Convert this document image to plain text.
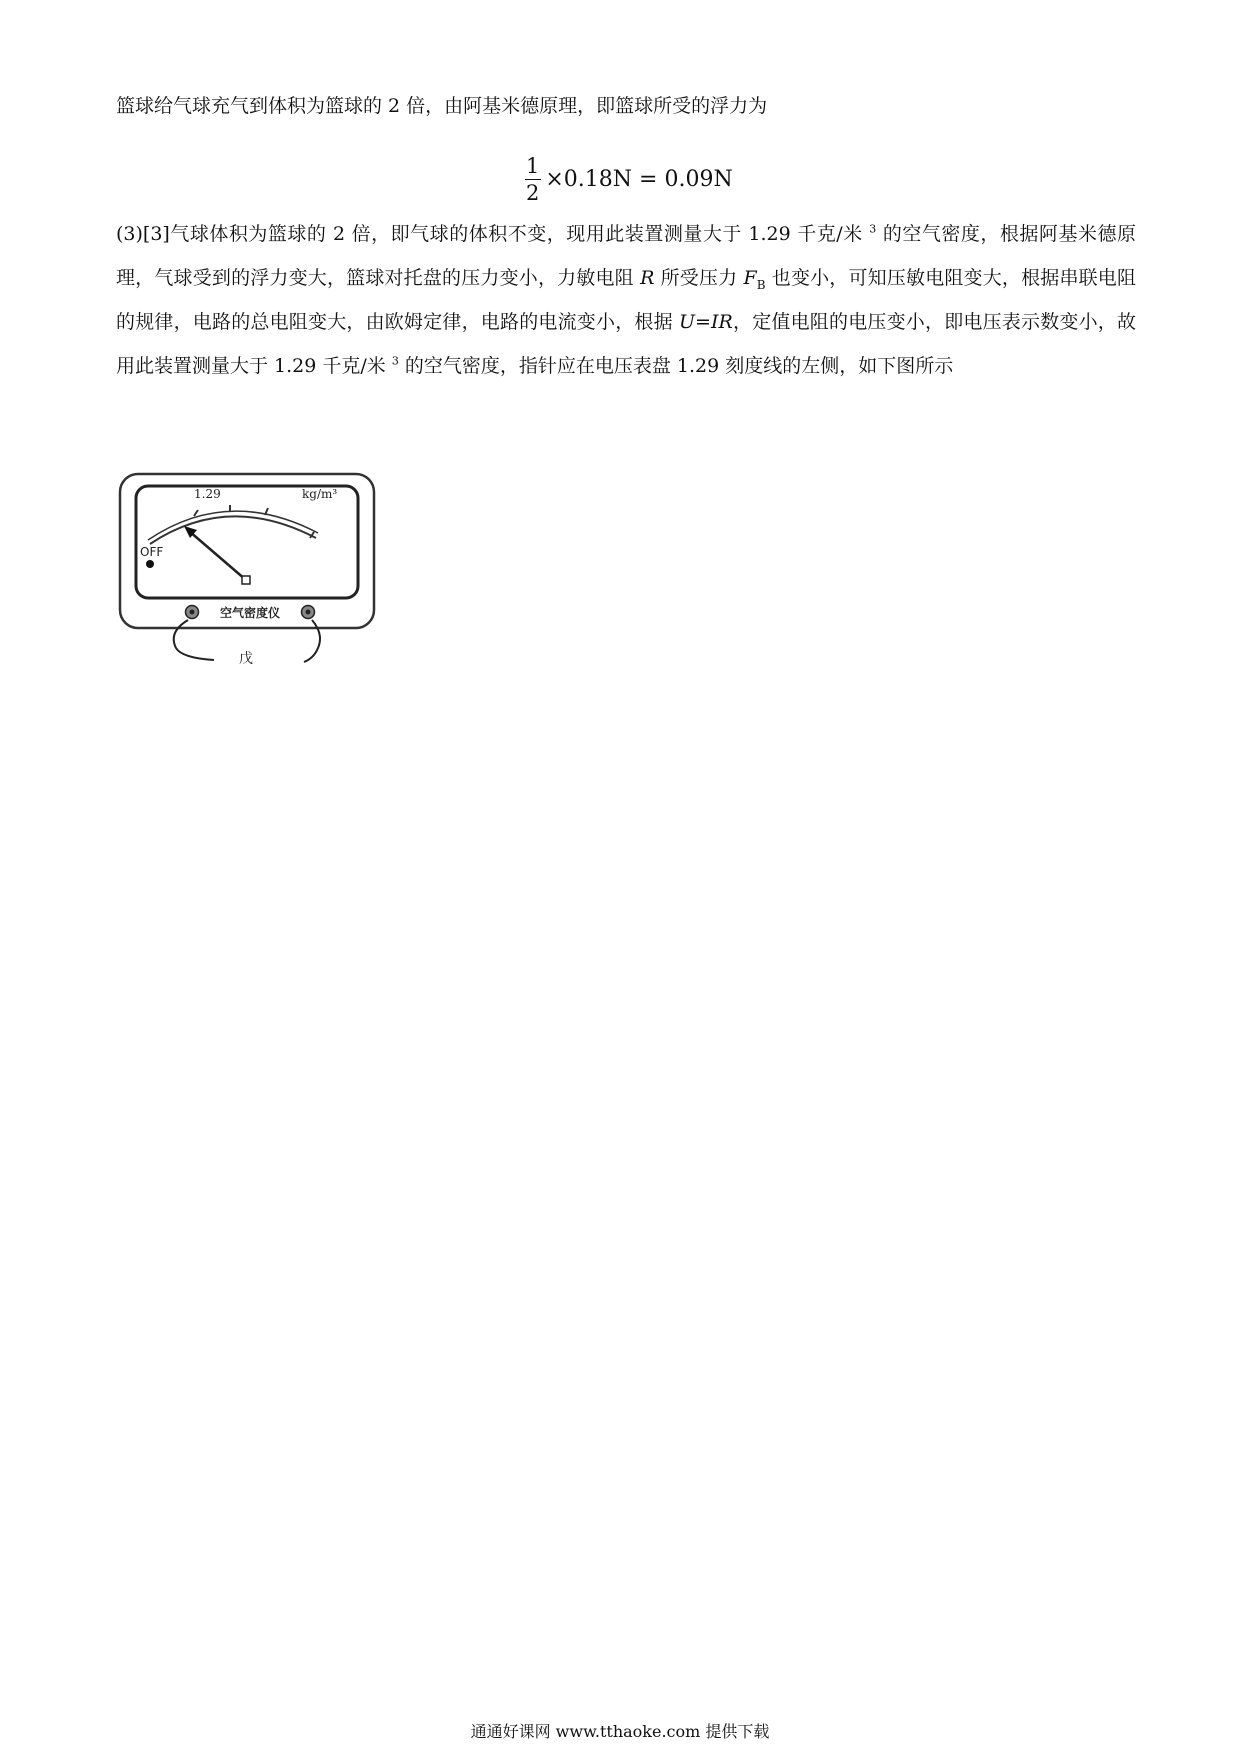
篮球给气球充气到体积为篮球的 2 倍，由阿基米德原理，即篮球所受的浮力为
$\frac{1}{2} \times 0.18N = 0.09N$
(3)[3]气球体积为篮球的 2 倍，即气球的体积不变，现用此装置测量大于 1.29 千克/米 $^3$ 的空气密度，根据阿基米德原理，气球受到的浮力变大，篮球对托盘的压力变小，力敏电阻 R 所受压力 $F_B$ 也变小，可知压敏电阻变大，根据串联电阻的规律，电路的总电阻变大，由欧姆定律，电路的电流变小，根据 U=IR，定值电阻的电压变小，即电压表示数变小，故用此装置测量大于 1.29 千克/米 $^3$ 的空气密度，指针应在电压表盘 1.29 刻度线的左侧，如下图所示
1.29	kg/m³
OFF
空气密度仪
戊
通通好课网 www.tthaoke.com 提供下载
